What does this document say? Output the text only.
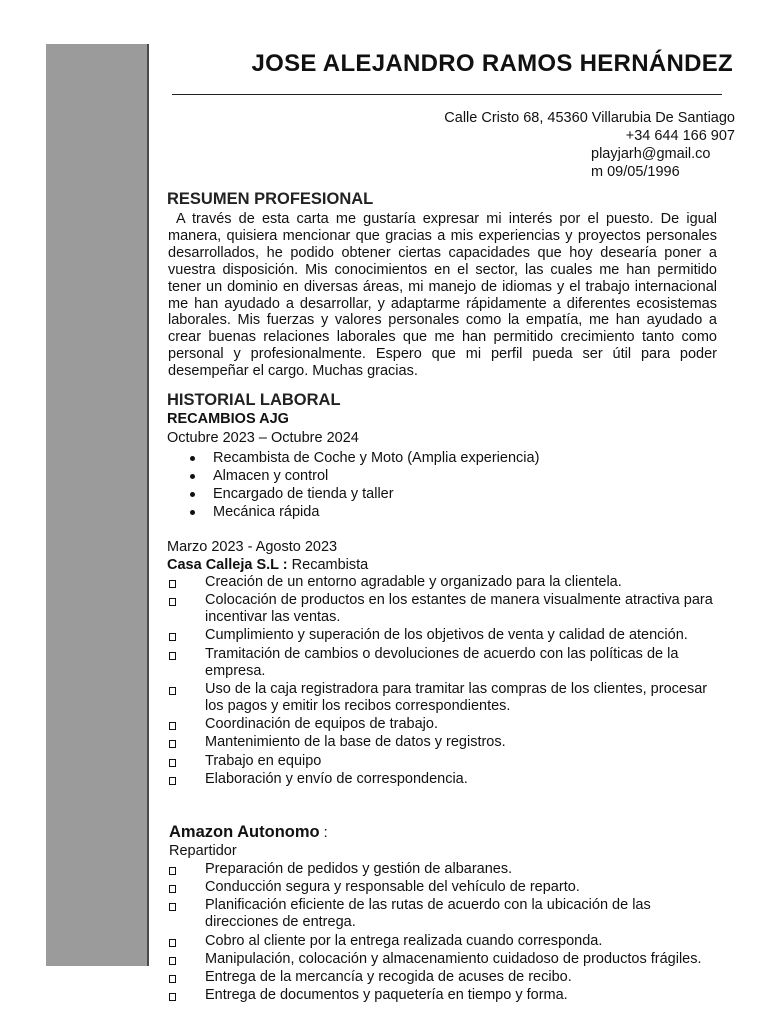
JOSE ALEJANDRO RAMOS HERNÁNDEZ
Calle Cristo 68, 45360 Villarubia De Santiago
+34 644 166 907
playjarh@gmail.co
m 09/05/1996
RESUMEN PROFESIONAL
A través de esta carta me gustaría expresar mi interés por el puesto. De igual manera, quisiera mencionar que gracias a mis experiencias y proyectos personales desarrollados, he podido obtener ciertas capacidades que hoy desearía poner a vuestra disposición. Mis conocimientos en el sector, las cuales me han permitido tener un dominio en diversas áreas, mi manejo de idiomas y el trabajo internacional me han ayudado a desarrollar, y adaptarme rápidamente a diferentes ecosistemas laborales. Mis fuerzas y valores personales como la empatía, me han ayudado a crear buenas relaciones laborales que me han permitido crecimiento tanto como personal y profesionalmente. Espero que mi perfil pueda ser útil para poder desempeñar el cargo. Muchas gracias.
HISTORIAL LABORAL
RECAMBIOS AJG
Octubre 2023 – Octubre 2024
Recambista de Coche y Moto (Amplia experiencia)
Almacen y control
Encargado de tienda y taller
Mecánica rápida
Marzo 2023 - Agosto 2023
Casa Calleja S.L : Recambista
Creación de un entorno agradable y organizado para la clientela.
Colocación de productos en los estantes de manera visualmente atractiva para incentivar las ventas.
Cumplimiento y superación de los objetivos de venta y calidad de atención.
Tramitación de cambios o devoluciones de acuerdo con las políticas de la empresa.
Uso de la caja registradora para tramitar las compras de los clientes, procesar los pagos y emitir los recibos correspondientes.
Coordinación de equipos de trabajo.
Mantenimiento de la base de datos y registros.
Trabajo en equipo
Elaboración y envío de correspondencia.
Amazon Autonomo :
Repartidor
Preparación de pedidos y gestión de albaranes.
Conducción segura y responsable del vehículo de reparto.
Planificación eficiente de las rutas de acuerdo con la ubicación de las direcciones de entrega.
Cobro al cliente por la entrega realizada cuando corresponda.
Manipulación, colocación y almacenamiento cuidadoso de productos frágiles.
Entrega de la mercancía y recogida de acuses de recibo.
Entrega de documentos y paquetería en tiempo y forma.
